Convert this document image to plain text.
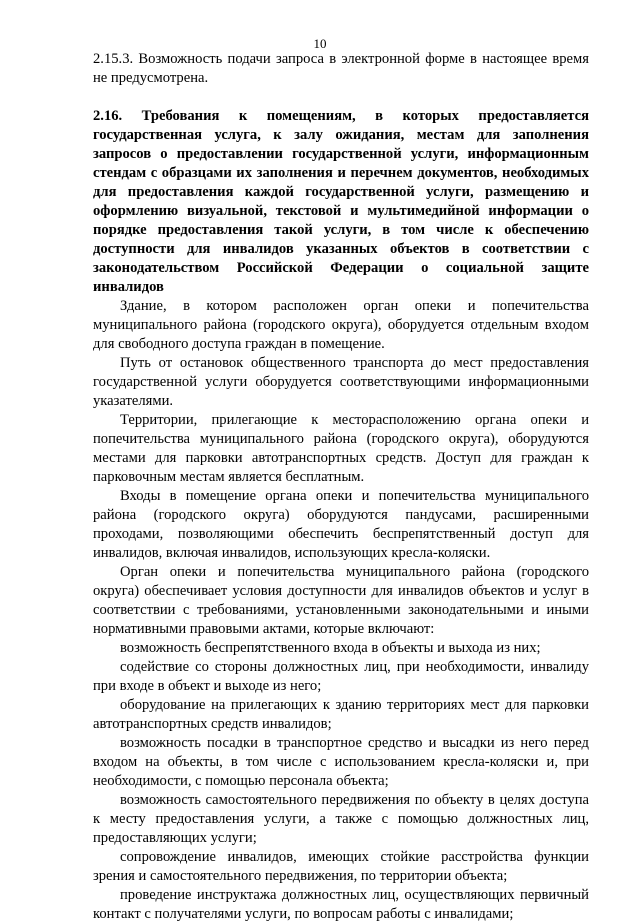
10

2.15.3. Возможность подачи запроса в электронной форме в настоящее время не предусмотрена.

2.16. Требования к помещениям, в которых предоставляется государственная услуга, к залу ожидания, местам для заполнения запросов о предоставлении государственной услуги, информационным стендам с образцами их заполнения и перечнем документов, необходимых для предоставления каждой государственной услуги, размещению и оформлению визуальной, текстовой и мультимедийной информации о порядке предоставления такой услуги, в том числе к обеспечению доступности для инвалидов указанных объектов в соответствии с законодательством Российской Федерации о социальной защите инвалидов

Здание, в котором расположен орган опеки и попечительства муниципального района (городского округа), оборудуется отдельным входом для свободного доступа граждан в помещение.

Путь от остановок общественного транспорта до мест предоставления государственной услуги оборудуется соответствующими информационными указателями.

Территории, прилегающие к месторасположению органа опеки и попечительства муниципального района (городского округа), оборудуются местами для парковки автотранспортных средств. Доступ для граждан к парковочным местам является бесплатным.

Входы в помещение органа опеки и попечительства муниципального района (городского округа) оборудуются пандусами, расширенными проходами, позволяющими обеспечить беспрепятственный доступ для инвалидов, включая инвалидов, использующих кресла-коляски.

Орган опеки и попечительства муниципального района (городского округа) обеспечивает условия доступности для инвалидов объектов и услуг в соответствии с требованиями, установленными законодательными и иными нормативными правовыми актами, которые включают:

возможность беспрепятственного входа в объекты и выхода из них;

содействие со стороны должностных лиц, при необходимости, инвалиду при входе в объект и выходе из него;

оборудование на прилегающих к зданию территориях мест для парковки автотранспортных средств инвалидов;

возможность посадки в транспортное средство и высадки из него перед входом на объекты, в том числе с использованием кресла-коляски и, при необходимости, с помощью персонала объекта;

возможность самостоятельного передвижения по объекту в целях доступа к месту предоставления услуги, а также с помощью должностных лиц, предоставляющих услуги;

сопровождение инвалидов, имеющих стойкие расстройства функции зрения и самостоятельного передвижения, по территории объекта;

проведение инструктажа должностных лиц, осуществляющих первичный контакт с получателями услуги, по вопросам работы с инвалидами;
